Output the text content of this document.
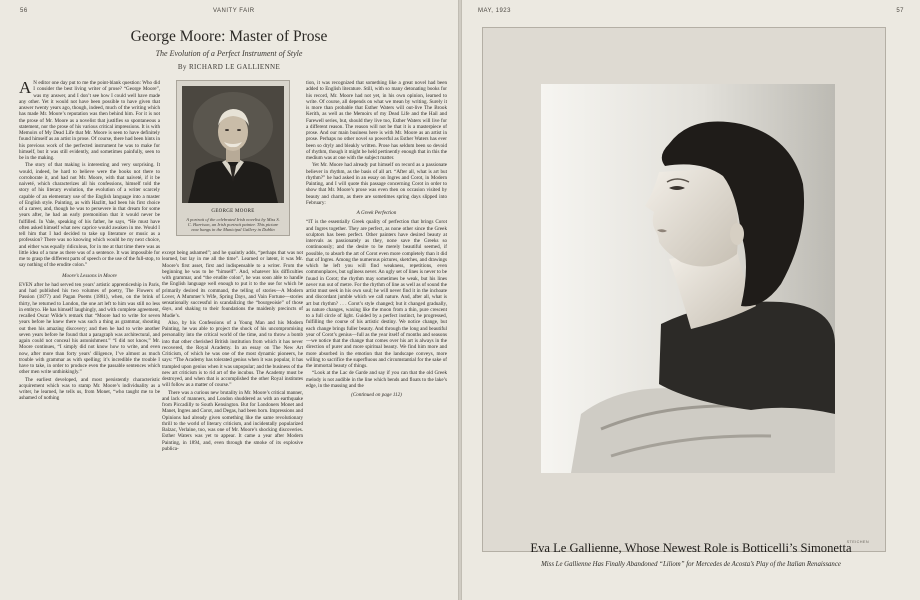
56	VANITY FAIR
George Moore: Master of Prose
The Evolution of a Perfect Instrument of Style
By RICHARD LE GALLIENNE

A N editor one day put to me the point-blank question: Who did I consider the best living writer of prose? “George Moore”, was my answer, and I don’t see how I could well have made any other. Yet it would not have been possible to have given that answer twenty years ago, though, indeed, much of the writing which has made Mr. Moore’s reputation was then behind him. For it is not the prose of Mr. Moore as a novelist that justifies so spontaneous a statement, nor the prose of his various critical impressions. It is with Memoirs of My Dead Life that Mr. Moore is seen to have definitely found himself as an artist in prose. Of course, there had been hints in his previous work of the perfected instrument he was to make for himself, but it was still evidently, and sometimes painfully, seen to be in the making.

The story of that making is interesting and very surprising. It would, indeed, be hard to believe were the books not there to corroborate it, and had not Mr. Moore, with that naiveté, if it be naiveté, which characterizes all his confessions, himself told the story of his literary evolution, the evolution of a writer scarcely capable of an elementary use of the English language into a master of English style. Painting, as with Hazlitt, had been his first choice of a career, and, though he was to persevere in that dream for some years after, he had an early premonition that it would never be fulfilled. In Vale, speaking of his father, he says, “He must have often asked himself what new caprice would awaken in me. Would I tell him that I had decided to take up literature or music as a profession? There was no knowing which would be my next choice, and either was equally ridiculous, for in me at that time there was as little idea of a tune as there was of a sentence. It was impossible for me to grasp the different parts of speech or the use of the full-stop, to say nothing of the erudite colon.”

Moore’s Lessons in Moore

EVEN after he had served ten years’ artistic apprenticeship in Paris, and had published his two volumes of poetry, The Flowers of Passion (1877) and Pagan Poems (1881), when, on the brink of thirty, he returned to London, the one art left to him was still no less in embryo. He has himself laughingly, and with complete agreement, recalled Oscar Wilde’s remark that “Moore had to write for seven years before he knew there was such a thing as grammar, shouting out then his amazing discovery; and then he had to write another seven years before he found that a paragraph was architectural, and again could not conceal his astonishment.” “I did not know,” Mr. Moore continues, “I simply did not know how to write, and even now, after more than forty years’ diligence, I’ve almost as much trouble with grammar as with spelling; it’s incredible the trouble I have to take, in order to produce even the passable sentences which other men write unthinkingly.”

The earliest developed, and most persistently characteristic acquirement which was to stamp Mr. Moore’s individuality as a writer, he learned, he tells us, from Monet, “who taught me to be ashamed of nothing

GEORGE MOORE
A portrait of the celebrated Irish novelist by Miss S. C. Harrison, an Irish portrait painter. This picture now hangs in the Municipal Gallery in Dublin

except being ashamed”; and he quaintly adds, “perhaps that was not learned, but lay in me all the time”. Learned or latent, it was Mr. Moore’s first asset, first and indispensable to a writer. From the beginning he was to be “himself”. And, whatever his difficulties with grammar, and “the erudite colon”, he was soon able to handle the English language well enough to put it to the use for which he primarily desired its command, the telling of stories—A Modern Lover, A Mummer’s Wife, Spring Days, and Vain Fortune—stories sensationally successful in scandalizing the “bourgeoisie” of those days, and shaking to their foundations the maidenly precincts of Mudie’s.

Also, by his Confessions of a Young Man and his Modern Painting, he was able to project the shock of his uncompromising personality into the critical world of the time, and to throw a bomb into that other cherished British institution from which it has never recovered, the Royal Academy. In an essay on The New Art Criticism, of which he was one of the most dynamic pioneers, he says: “The Academy has tolerated genius when it was popular, it has trampled upon genius when it was unpopular; and the business of the new art criticism is to rid art of the incubus. The Academy must be destroyed, and when that is accomplished the other Royal institutes will follow as a matter of course.”

There was a curious new brutality in Mr. Moore’s critical manner, and lack of manners, and London shuddered as with an earthquake from Piccadilly to South Kensington. But for Londoners Monet and Manet, Ingres and Corot, and Degas, had been born. Impressions and Opinions had already given something like the same revolutionary thrill to the world of literary criticism, and incidentally popularized Balzac, Verlaine, too, was one of Mr. Moore’s shocking discoveries. Esther Waters was yet to appear. It came a year after Modern Painting, in 1894, and, even through the smoke of its explosive publica-

tion, it was recognized that something like a great novel had been added to English literature. Still, with so many detonating books for his record, Mr. Moore had not yet, in his own opinion, learned to write. Of course, all depends on what we mean by writing. Surely it is more than probable that Esther Waters will out-live The Brook Kerith, as well as the Memoirs of my Dead Life and the Hail and Farewell series, but, should they live too, Esther Waters will live for a different reason. The reason will not be that it is a masterpiece of prose. And our main business here is with Mr. Moore as an artist in prose. Perhaps no other novel so powerful as Esther Waters has ever been so dryly and bleakly written. Prose has seldom been so devoid of rhythm, though it might be held pertinently enough that in this the medium was at one with the subject matter.

Yet Mr. Moore had already put himself on record as a passionate believer in rhythm, as the basis of all art. “After all, what is art but rhythm?” he had asked in an essay on Ingres and Corot, in Modern Painting, and I will quote this passage concerning Corot in order to show that Mr. Moore’s prose was even then on occasion visited by beauty and charm, as there are sometimes spring days slipped into February:

A Greek Perfection

“IT is the essentially Greek quality of perfection that brings Corot and Ingres together. They are perfect, as none other since the Greek sculptors has been perfect. Other painters have desired beauty at intervals as passionately as they, none save the Greeks so continuously; and the desire to be merely beautiful seemed, if possible, to absorb the art of Corot even more completely than it did that of Ingres. Among the numerous pictures, sketches, and drawings which he left you will find weakness, repetitions, even commonplaces, but ugliness never. An ugly set of lines is never to be found in Corot; the rhythm may sometimes be weak, but his lines never run out of metre. For the rhythm of line as well as of sound the artist must seek in his own soul; he will never find it in the inchoate and discordant jumble which we call nature. And, after all, what is art but rhythm? . . . Corot’s style changed; but it changed gradually, as nature changes, waxing like the moon from a thin, pure crescent to a full circle of light. Guided by a perfect instinct, he progressed, fulfilling the course of his artistic destiny. We notice change, but each change brings fuller beauty. And through the long and beautiful year of Corot’s genius—full as the year itself of months and seasons—we notice that the change that comes over his art is always in the direction of purer and more spiritual beauty. We find him more and more absorbed in the emotion that the landscape conveys, more willing to sacrifice the superfluous and circumstantial for the sake of the immortal beauty of things.

“Look at the Lac de Garde and say if you can that the old Greek melody is not audible in the line which bends and floats to the lake’s edge, in the massing and the

(Continued on page 112)
MAY, 1923	57
STEICHEN
Eva Le Gallienne, Whose Newest Role is Botticelli’s Simonetta
Miss Le Gallienne Has Finally Abandoned “Liliom” for Mercedes de Acosta’s Play of the Italian Renaissance
